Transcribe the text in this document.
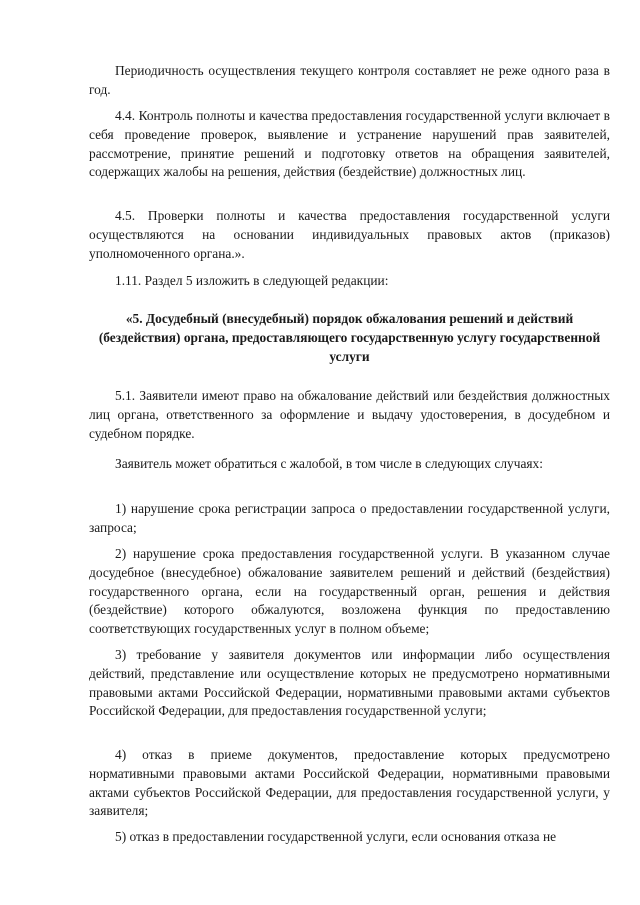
Периодичность осуществления текущего контроля составляет не реже одного раза в год.

4.4. Контроль полноты и качества предоставления государственной услуги включает в себя проведение проверок, выявление и устранение нарушений прав заявителей, рассмотрение, принятие решений и подготовку ответов на обращения заявителей, содержащих жалобы на решения, действия (бездействие) должностных лиц.

4.5. Проверки полноты и качества предоставления государственной услуги осуществляются на основании индивидуальных правовых актов (приказов) уполномоченного органа.».

1.11. Раздел 5 изложить в следующей редакции:

«5. Досудебный (внесудебный) порядок обжалования решений и действий (бездействия) органа, предоставляющего государственную услугу государственной услуги

5.1. Заявители имеют право на обжалование действий или бездействия должностных лиц органа, ответственного за оформление и выдачу удостоверения, в досудебном и судебном порядке.

Заявитель может обратиться с жалобой, в том числе в следующих случаях:

1) нарушение срока регистрации запроса о предоставлении государственной услуги, запроса;

2) нарушение срока предоставления государственной услуги. В указанном случае досудебное (внесудебное) обжалование заявителем решений и действий (бездействия) государственного органа, если на государственный орган, решения и действия (бездействие) которого обжалуются, возложена функция по предоставлению соответствующих государственных услуг в полном объеме;

3) требование у заявителя документов или информации либо осуществления действий, представление или осуществление которых не предусмотрено нормативными правовыми актами Российской Федерации, нормативными правовыми актами субъектов Российской Федерации, для предоставления государственной услуги;

4) отказ в приеме документов, предоставление которых предусмотрено нормативными правовыми актами Российской Федерации, нормативными правовыми актами субъектов Российской Федерации, для предоставления государственной услуги, у заявителя;

5) отказ в предоставлении государственной услуги, если основания отказа не
